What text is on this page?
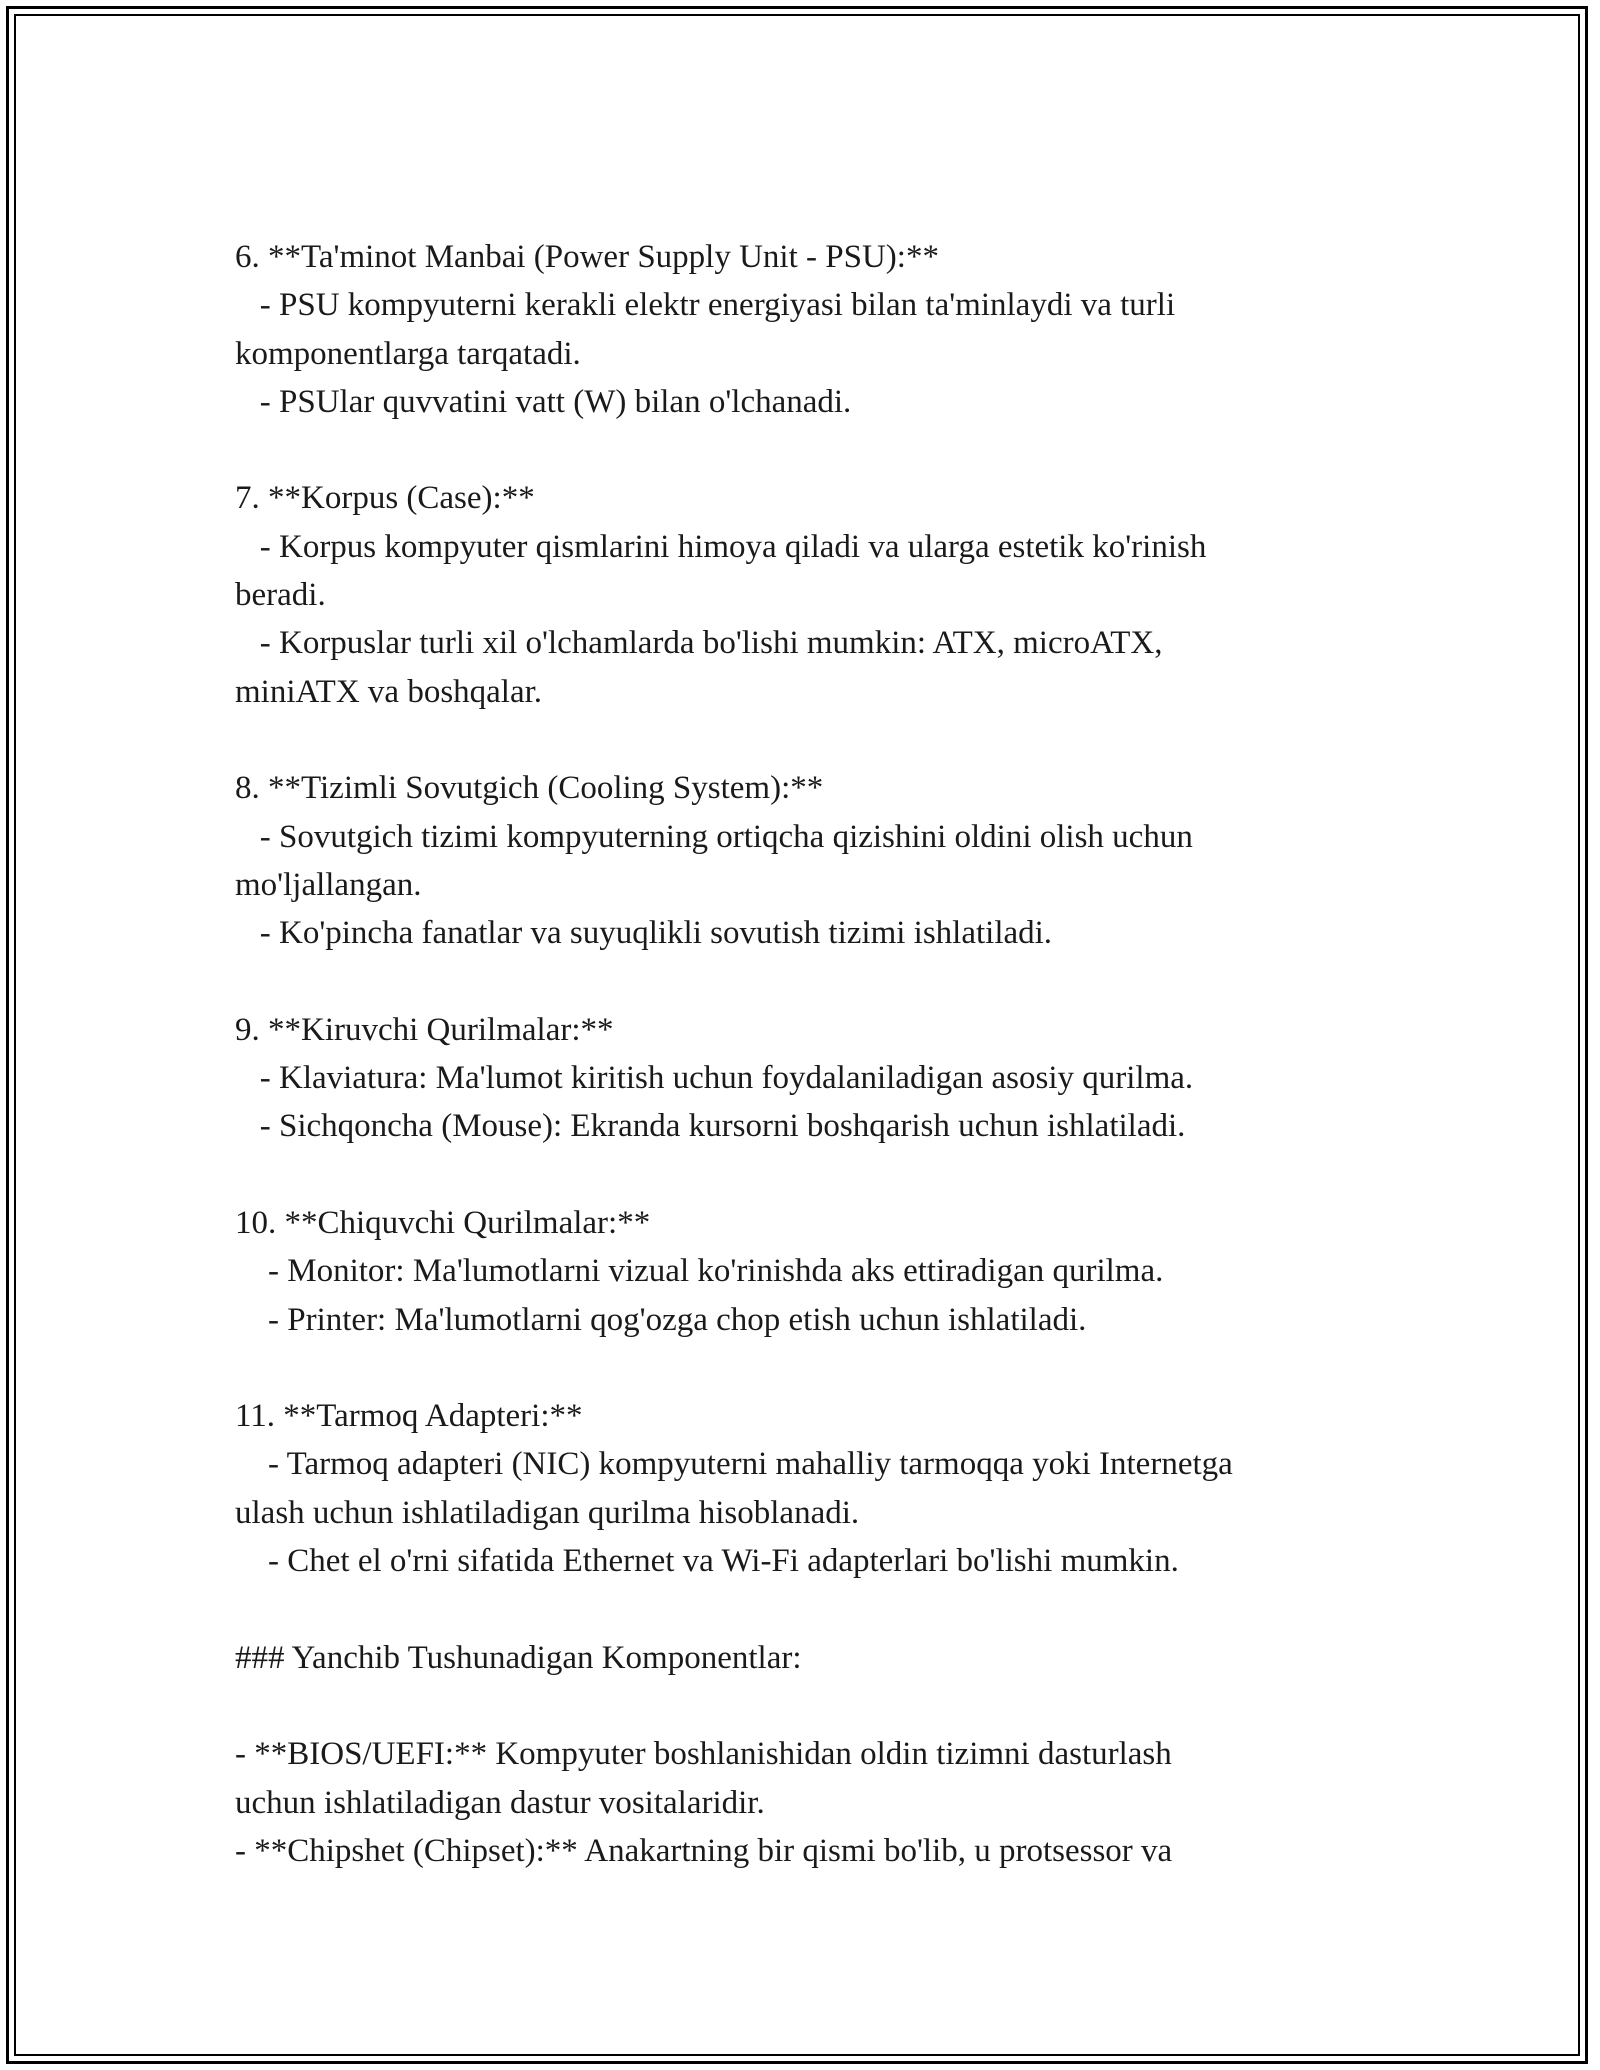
6. **Ta'minot Manbai (Power Supply Unit - PSU):**
- PSU kompyuterni kerakli elektr energiyasi bilan ta'minlaydi va turli
komponentlarga tarqatadi.
- PSUlar quvvatini vatt (W) bilan o'lchanadi.
7. **Korpus (Case):**
- Korpus kompyuter qismlarini himoya qiladi va ularga estetik ko'rinish
beradi.
- Korpuslar turli xil o'lchamlarda bo'lishi mumkin: ATX, microATX,
miniATX va boshqalar.
8. **Tizimli Sovutgich (Cooling System):**
- Sovutgich tizimi kompyuterning ortiqcha qizishini oldini olish uchun
mo'ljallangan.
- Ko'pincha fanatlar va suyuqlikli sovutish tizimi ishlatiladi.
9. **Kiruvchi Qurilmalar:**
- Klaviatura: Ma'lumot kiritish uchun foydalaniladigan asosiy qurilma.
- Sichqoncha (Mouse): Ekranda kursorni boshqarish uchun ishlatiladi.
10. **Chiquvchi Qurilmalar:**
- Monitor: Ma'lumotlarni vizual ko'rinishda aks ettiradigan qurilma.
- Printer: Ma'lumotlarni qog'ozga chop etish uchun ishlatiladi.
11. **Tarmoq Adapteri:**
- Tarmoq adapteri (NIC) kompyuterni mahalliy tarmoqqa yoki Internetga
ulash uchun ishlatiladigan qurilma hisoblanadi.
- Chet el o'rni sifatida Ethernet va Wi-Fi adapterlari bo'lishi mumkin.
### Yanchib Tushunadigan Komponentlar:
- **BIOS/UEFI:** Kompyuter boshlanishidan oldin tizimni dasturlash
uchun ishlatiladigan dastur vositalaridir.
- **Chipshet (Chipset):** Anakartning bir qismi bo'lib, u protsessor va
